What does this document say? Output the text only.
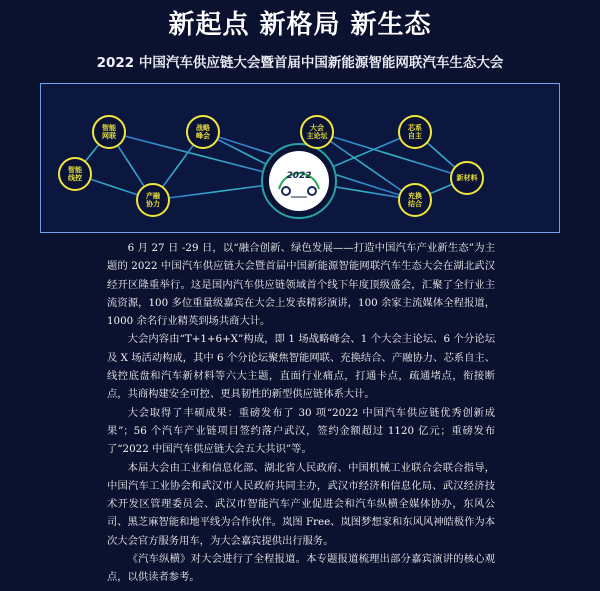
新起点 新格局 新生态
2022 中国汽车供应链大会暨首届中国新能源智能网联汽车生态大会
智能
线控
智能
网联
产融
协力
战略
峰会
2022
大会
主论坛
芯系
自主
充换
结合
新材料

6 月 27 日 -29 日，以“融合创新、绿色发展——打造中国汽车产业新生态”为主题的 2022 中国汽车供应链大会暨首届中国新能源智能网联汽车生态大会在湖北武汉经开区隆重举行。这是国内汽车供应链领域首个线下年度顶级盛会，汇聚了全行业主流资源，100 多位重量级嘉宾在大会上发表精彩演讲，100 余家主流媒体全程报道，1000 余名行业精英到场共商大计。

大会内容由“T+1+6+X”构成，即 1 场战略峰会、1 个大会主论坛、6 个分论坛及 X 场活动构成，其中 6 个分论坛聚焦智能网联、充换结合、产融协力、芯系自主、线控底盘和汽车新材料等六大主题，直面行业痛点，打通卡点，疏通堵点，衔接断点，共商构建安全可控、更具韧性的新型供应链体系大计。

大会取得了丰硕成果：重磅发布了 30 项“2022 中国汽车供应链优秀创新成果”；56 个汽车产业链项目签约落户武汉，签约金额超过 1120 亿元；重磅发布了“2022 中国汽车供应链大会五大共识”等。

本届大会由工业和信息化部、湖北省人民政府、中国机械工业联合会联合指导，中国汽车工业协会和武汉市人民政府共同主办，武汉市经济和信息化局、武汉经济技术开发区管理委员会、武汉市智能汽车产业促进会和汽车纵横全媒体协办，东风公司、黑芝麻智能和地平线为合作伙伴。岚图 Free、岚图梦想家和东风风神皓极作为本次大会官方服务用车，为大会嘉宾提供出行服务。

《汽车纵横》对大会进行了全程报道。本专题报道梳理出部分嘉宾演讲的核心观点，以供读者参考。
